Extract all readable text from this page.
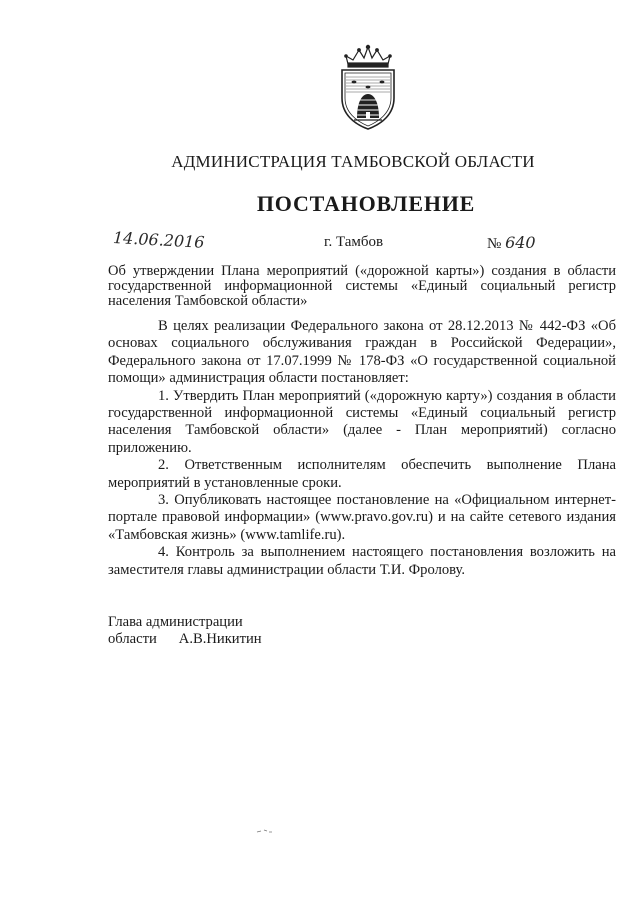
АДМИНИСТРАЦИЯ ТАМБОВСКОЙ ОБЛАСТИ
ПОСТАНОВЛЕНИЕ
14.06.2016	г. Тамбов	№ 640
Об утверждении Плана мероприятий («дорожной карты») создания в области государственной информационной системы «Единый социальный регистр населения Тамбовской области»

В целях реализации Федерального закона от 28.12.2013 № 442-ФЗ «Об основах социального обслуживания граждан в Российской Федерации», Федерального закона от 17.07.1999 № 178-ФЗ «О государственной социальной помощи» администрация области постановляет:

1. Утвердить План мероприятий («дорожную карту») создания в области государственной информационной системы «Единый социальный регистр населения Тамбовской области» (далее - План мероприятий) согласно приложению.

2. Ответственным исполнителям обеспечить выполнение Плана мероприятий в установленные сроки.

3. Опубликовать настоящее постановление на «Официальном интернет-портале правовой информации» (www.pravo.gov.ru) и на сайте сетевого издания «Тамбовская жизнь» (www.tamlife.ru).

4. Контроль за выполнением настоящего постановления возложить на заместителя главы администрации области Т.И. Фролову.

Глава администрации
области А.В.Никитин
